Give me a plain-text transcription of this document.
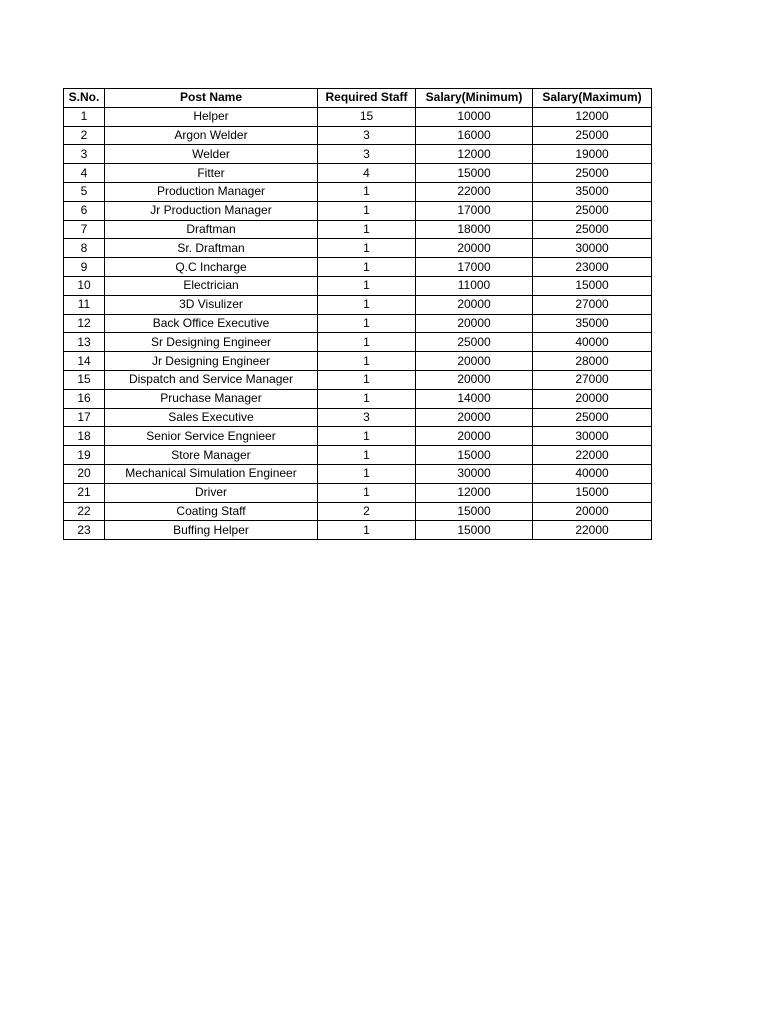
S.No.	Post Name	Required Staff	Salary(Minimum)	Salary(Maximum)
1	Helper	15	10000	12000
2	Argon Welder	3	16000	25000
3	Welder	3	12000	19000
4	Fitter	4	15000	25000
5	Production Manager	1	22000	35000
6	Jr Production Manager	1	17000	25000
7	Draftman	1	18000	25000
8	Sr. Draftman	1	20000	30000
9	Q.C Incharge	1	17000	23000
10	Electrician	1	11000	15000
11	3D Visulizer	1	20000	27000
12	Back Office Executive	1	20000	35000
13	Sr Designing Engineer	1	25000	40000
14	Jr Designing Engineer	1	20000	28000
15	Dispatch and Service Manager	1	20000	27000
16	Pruchase Manager	1	14000	20000
17	Sales Executive	3	20000	25000
18	Senior Service Engnieer	1	20000	30000
19	Store Manager	1	15000	22000
20	Mechanical Simulation Engineer	1	30000	40000
21	Driver	1	12000	15000
22	Coating Staff	2	15000	20000
23	Buffing Helper	1	15000	22000
